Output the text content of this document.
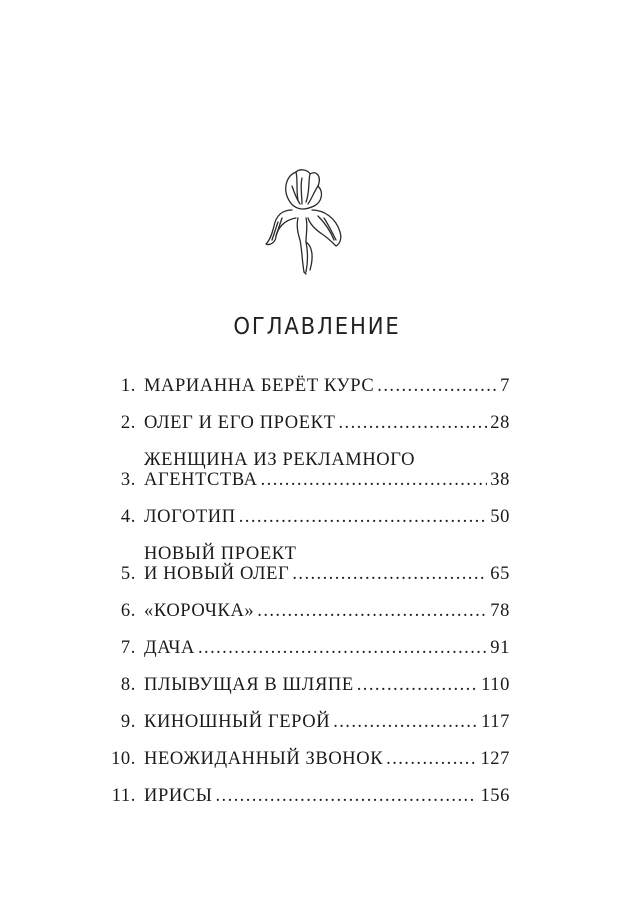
ОГЛАВЛЕНИЕ
1. МАРИАННА БЕРЁТ КУРС . . .	7
2. ОЛЕГ И ЕГО ПРОЕКТ . . .	28
3.
ЖЕНЩИНА ИЗ РЕКЛАМНОГО
АГЕНТСТВА . . .	38
4. ЛОГОТИП . . .	50
5.
НОВЫЙ ПРОЕКТ
И НОВЫЙ ОЛЕГ . . .	65
6. «КОРОЧКА» . . .	78
7. ДАЧА . . .	91
8. ПЛЫВУЩАЯ В ШЛЯПЕ . . .	110
9. КИНОШНЫЙ ГЕРОЙ . . .	117
10. НЕОЖИДАННЫЙ ЗВОНОК . . .	127
11. ИРИСЫ . . .	156
